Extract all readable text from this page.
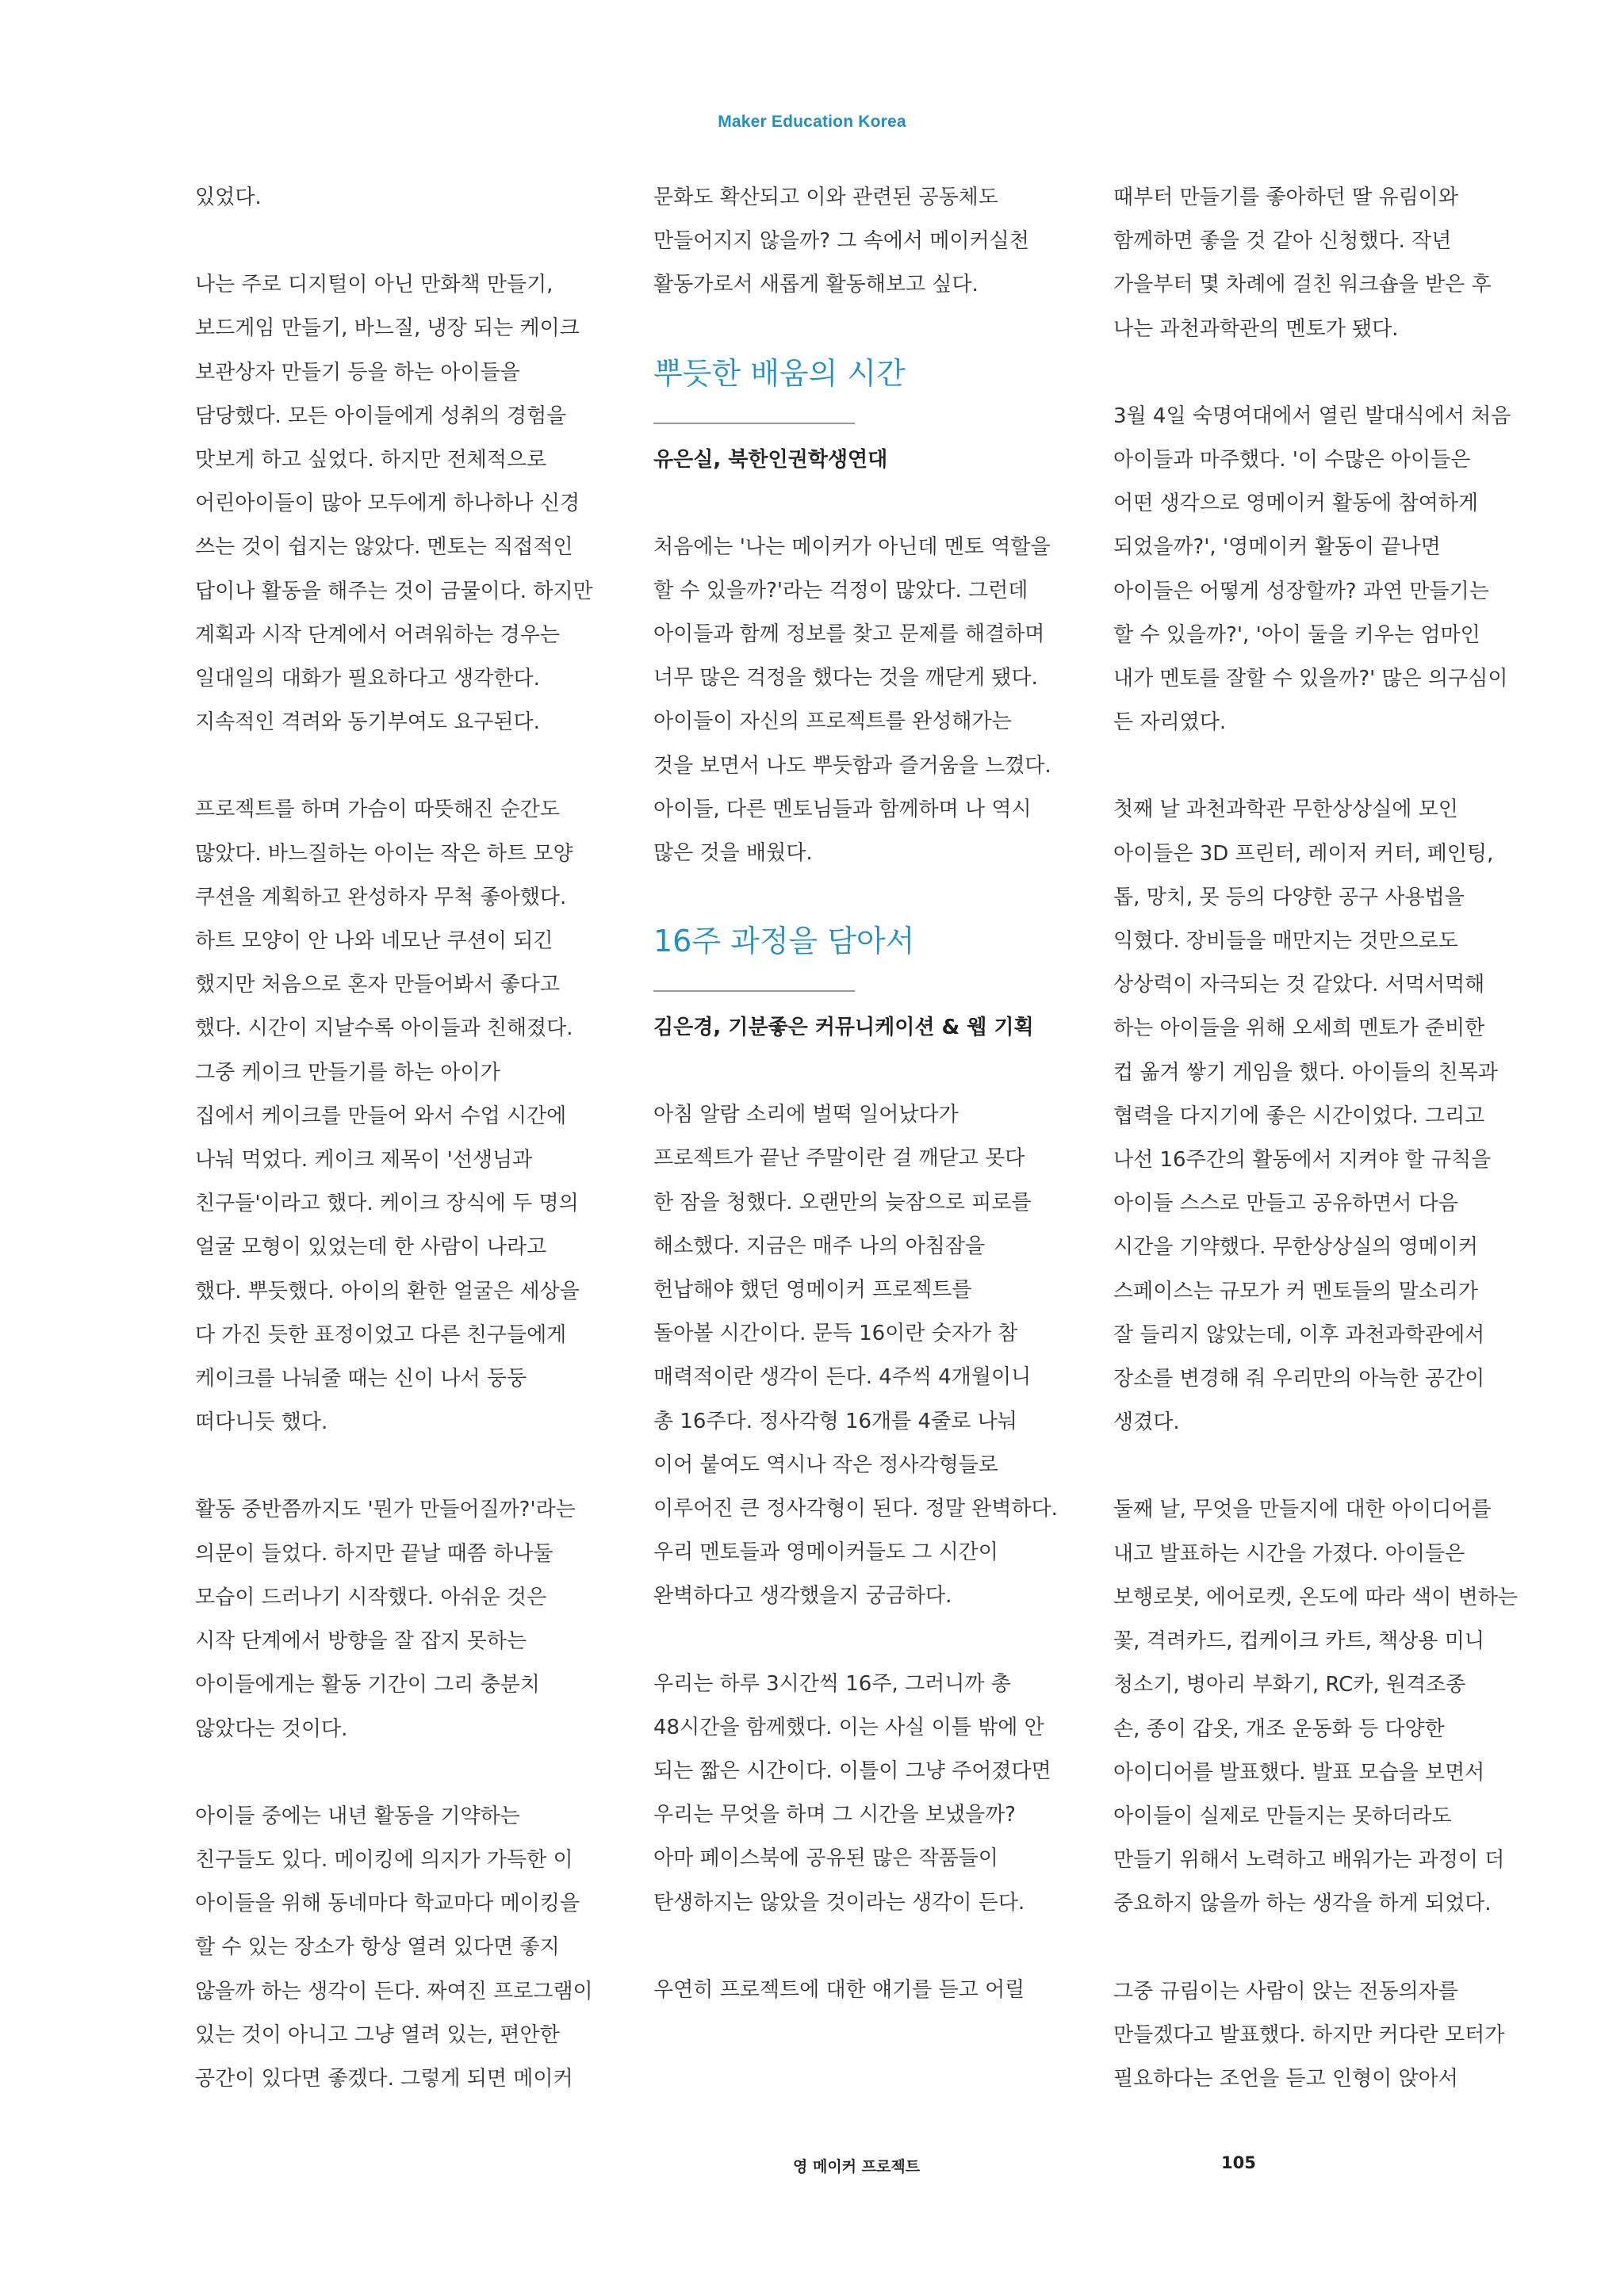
Maker Education Korea
있었다.
나는 주로 디지털이 아닌 만화책 만들기,
보드게임 만들기, 바느질, 냉장 되는 케이크
보관상자 만들기 등을 하는 아이들을
담당했다. 모든 아이들에게 성취의 경험을
맛보게 하고 싶었다. 하지만 전체적으로
어린아이들이 많아 모두에게 하나하나 신경
쓰는 것이 쉽지는 않았다. 멘토는 직접적인
답이나 활동을 해주는 것이 금물이다. 하지만
계획과 시작 단계에서 어려워하는 경우는
일대일의 대화가 필요하다고 생각한다.
지속적인 격려와 동기부여도 요구된다.
프로젝트를 하며 가슴이 따뜻해진 순간도
많았다. 바느질하는 아이는 작은 하트 모양
쿠션을 계획하고 완성하자 무척 좋아했다.
하트 모양이 안 나와 네모난 쿠션이 되긴
했지만 처음으로 혼자 만들어봐서 좋다고
했다. 시간이 지날수록 아이들과 친해졌다.
그중 케이크 만들기를 하는 아이가
집에서 케이크를 만들어 와서 수업 시간에
나눠 먹었다. 케이크 제목이 '선생님과
친구들'이라고 했다. 케이크 장식에 두 명의
얼굴 모형이 있었는데 한 사람이 나라고
했다. 뿌듯했다. 아이의 환한 얼굴은 세상을
다 가진 듯한 표정이었고 다른 친구들에게
케이크를 나눠줄 때는 신이 나서 둥둥
떠다니듯 했다.
활동 중반쯤까지도 '뭔가 만들어질까?'라는
의문이 들었다. 하지만 끝날 때쯤 하나둘
모습이 드러나기 시작했다. 아쉬운 것은
시작 단계에서 방향을 잘 잡지 못하는
아이들에게는 활동 기간이 그리 충분치
않았다는 것이다.
아이들 중에는 내년 활동을 기약하는
친구들도 있다. 메이킹에 의지가 가득한 이
아이들을 위해 동네마다 학교마다 메이킹을
할 수 있는 장소가 항상 열려 있다면 좋지
않을까 하는 생각이 든다. 짜여진 프로그램이
있는 것이 아니고 그냥 열려 있는, 편안한
공간이 있다면 좋겠다. 그렇게 되면 메이커
문화도 확산되고 이와 관련된 공동체도
만들어지지 않을까? 그 속에서 메이커실천
활동가로서 새롭게 활동해보고 싶다.
뿌듯한 배움의 시간
유은실, 북한인권학생연대
처음에는 '나는 메이커가 아닌데 멘토 역할을
할 수 있을까?'라는 걱정이 많았다. 그런데
아이들과 함께 정보를 찾고 문제를 해결하며
너무 많은 걱정을 했다는 것을 깨닫게 됐다.
아이들이 자신의 프로젝트를 완성해가는
것을 보면서 나도 뿌듯함과 즐거움을 느꼈다.
아이들, 다른 멘토님들과 함께하며 나 역시
많은 것을 배웠다.
16주 과정을 담아서
김은경, 기분좋은 커뮤니케이션 & 웹 기획
아침 알람 소리에 벌떡 일어났다가
프로젝트가 끝난 주말이란 걸 깨닫고 못다
한 잠을 청했다. 오랜만의 늦잠으로 피로를
해소했다. 지금은 매주 나의 아침잠을
헌납해야 했던 영메이커 프로젝트를
돌아볼 시간이다. 문득 16이란 숫자가 참
매력적이란 생각이 든다. 4주씩 4개월이니
총 16주다. 정사각형 16개를 4줄로 나눠
이어 붙여도 역시나 작은 정사각형들로
이루어진 큰 정사각형이 된다. 정말 완벽하다.
우리 멘토들과 영메이커들도 그 시간이
완벽하다고 생각했을지 궁금하다.
우리는 하루 3시간씩 16주, 그러니까 총
48시간을 함께했다. 이는 사실 이틀 밖에 안
되는 짧은 시간이다. 이틀이 그냥 주어졌다면
우리는 무엇을 하며 그 시간을 보냈을까?
아마 페이스북에 공유된 많은 작품들이
탄생하지는 않았을 것이라는 생각이 든다.
우연히 프로젝트에 대한 얘기를 듣고 어릴
때부터 만들기를 좋아하던 딸 유림이와
함께하면 좋을 것 같아 신청했다. 작년
가을부터 몇 차례에 걸친 워크숍을 받은 후
나는 과천과학관의 멘토가 됐다.
3월 4일 숙명여대에서 열린 발대식에서 처음
아이들과 마주했다. '이 수많은 아이들은
어떤 생각으로 영메이커 활동에 참여하게
되었을까?', '영메이커 활동이 끝나면
아이들은 어떻게 성장할까? 과연 만들기는
할 수 있을까?', '아이 둘을 키우는 엄마인
내가 멘토를 잘할 수 있을까?' 많은 의구심이
든 자리였다.
첫째 날 과천과학관 무한상상실에 모인
아이들은 3D 프린터, 레이저 커터, 페인팅,
톱, 망치, 못 등의 다양한 공구 사용법을
익혔다. 장비들을 매만지는 것만으로도
상상력이 자극되는 것 같았다. 서먹서먹해
하는 아이들을 위해 오세희 멘토가 준비한
컵 옮겨 쌓기 게임을 했다. 아이들의 친목과
협력을 다지기에 좋은 시간이었다. 그리고
나선 16주간의 활동에서 지켜야 할 규칙을
아이들 스스로 만들고 공유하면서 다음
시간을 기약했다. 무한상상실의 영메이커
스페이스는 규모가 커 멘토들의 말소리가
잘 들리지 않았는데, 이후 과천과학관에서
장소를 변경해 줘 우리만의 아늑한 공간이
생겼다.
둘째 날, 무엇을 만들지에 대한 아이디어를
내고 발표하는 시간을 가졌다. 아이들은
보행로봇, 에어로켓, 온도에 따라 색이 변하는
꽃, 격려카드, 컵케이크 카트, 책상용 미니
청소기, 병아리 부화기, RC카, 원격조종
손, 종이 갑옷, 개조 운동화 등 다양한
아이디어를 발표했다. 발표 모습을 보면서
아이들이 실제로 만들지는 못하더라도
만들기 위해서 노력하고 배워가는 과정이 더
중요하지 않을까 하는 생각을 하게 되었다.
그중 규림이는 사람이 앉는 전동의자를
만들겠다고 발표했다. 하지만 커다란 모터가
필요하다는 조언을 듣고 인형이 앉아서
영 메이커 프로젝트	105
